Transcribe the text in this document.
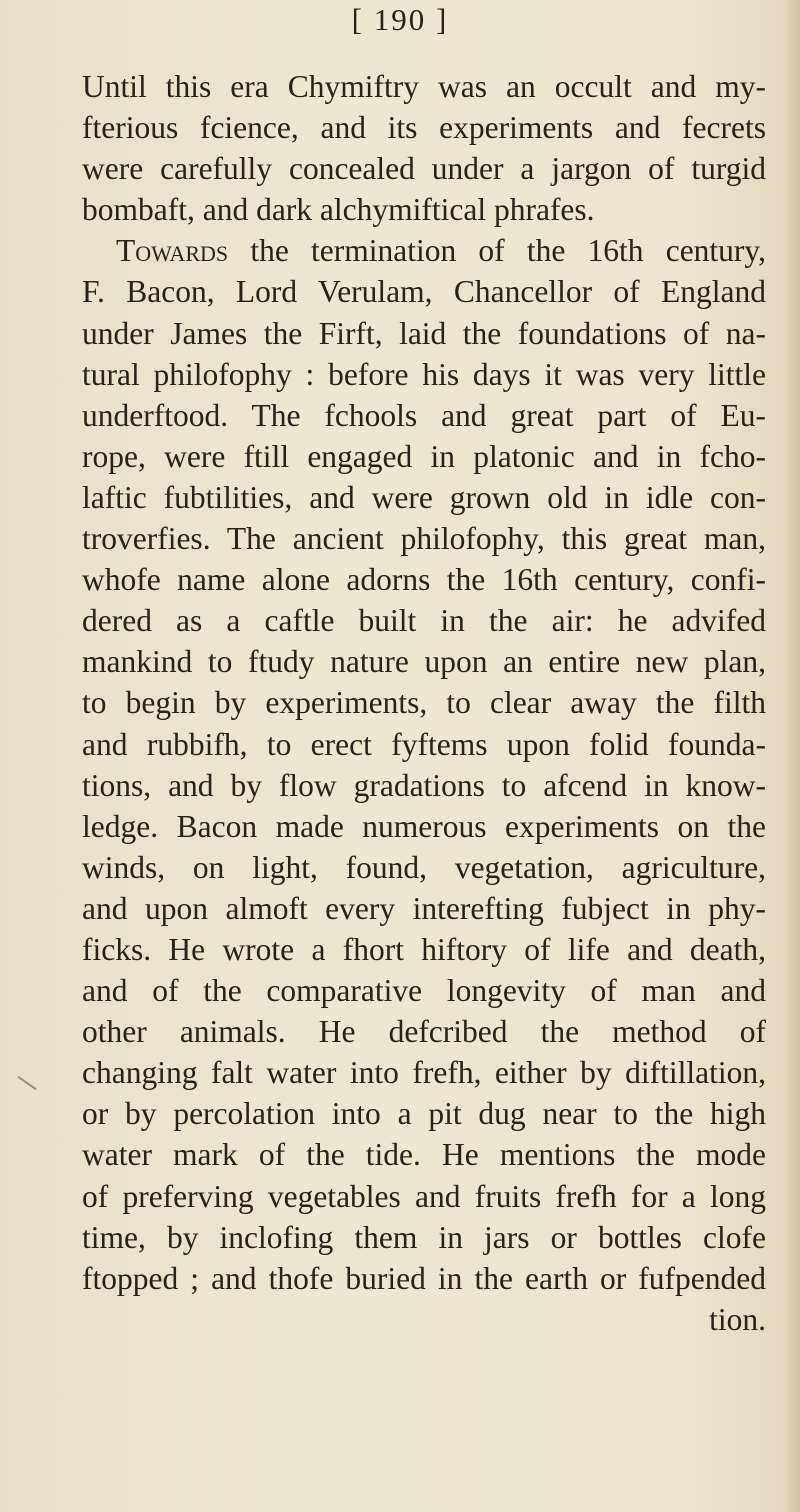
[ 190 ]
Until this era Chymiftry was an occult and my-
fterious fcience, and its experiments and fecrets
were carefully concealed under a jargon of turgid
bombaft, and dark alchymiftical phrafes.
Towards the termination of the 16th century,
F. Bacon, Lord Verulam, Chancellor of England
under James the Firft, laid the foundations of na-
tural philofophy : before his days it was very little
underftood. The fchools and great part of Eu-
rope, were ftill engaged in platonic and in fcho-
laftic fubtilities, and were grown old in idle con-
troverfies. The ancient philofophy, this great man,
whofe name alone adorns the 16th century, confi-
dered as a caftle built in the air: he advifed
mankind to ftudy nature upon an entire new plan,
to begin by experiments, to clear away the filth
and rubbifh, to erect fyftems upon folid founda-
tions, and by flow gradations to afcend in know-
ledge. Bacon made numerous experiments on the
winds, on light, found, vegetation, agriculture,
and upon almoft every interefting fubject in phy-
ficks. He wrote a fhort hiftory of life and death,
and of the comparative longevity of man and
other animals. He defcribed the method of
changing falt water into frefh, either by diftillation,
or by percolation into a pit dug near to the high
water mark of the tide. He mentions the mode
of preferving vegetables and fruits frefh for a long
time, by inclofing them in jars or bottles clofe
ftopped ; and thofe buried in the earth or fufpended
tion.
